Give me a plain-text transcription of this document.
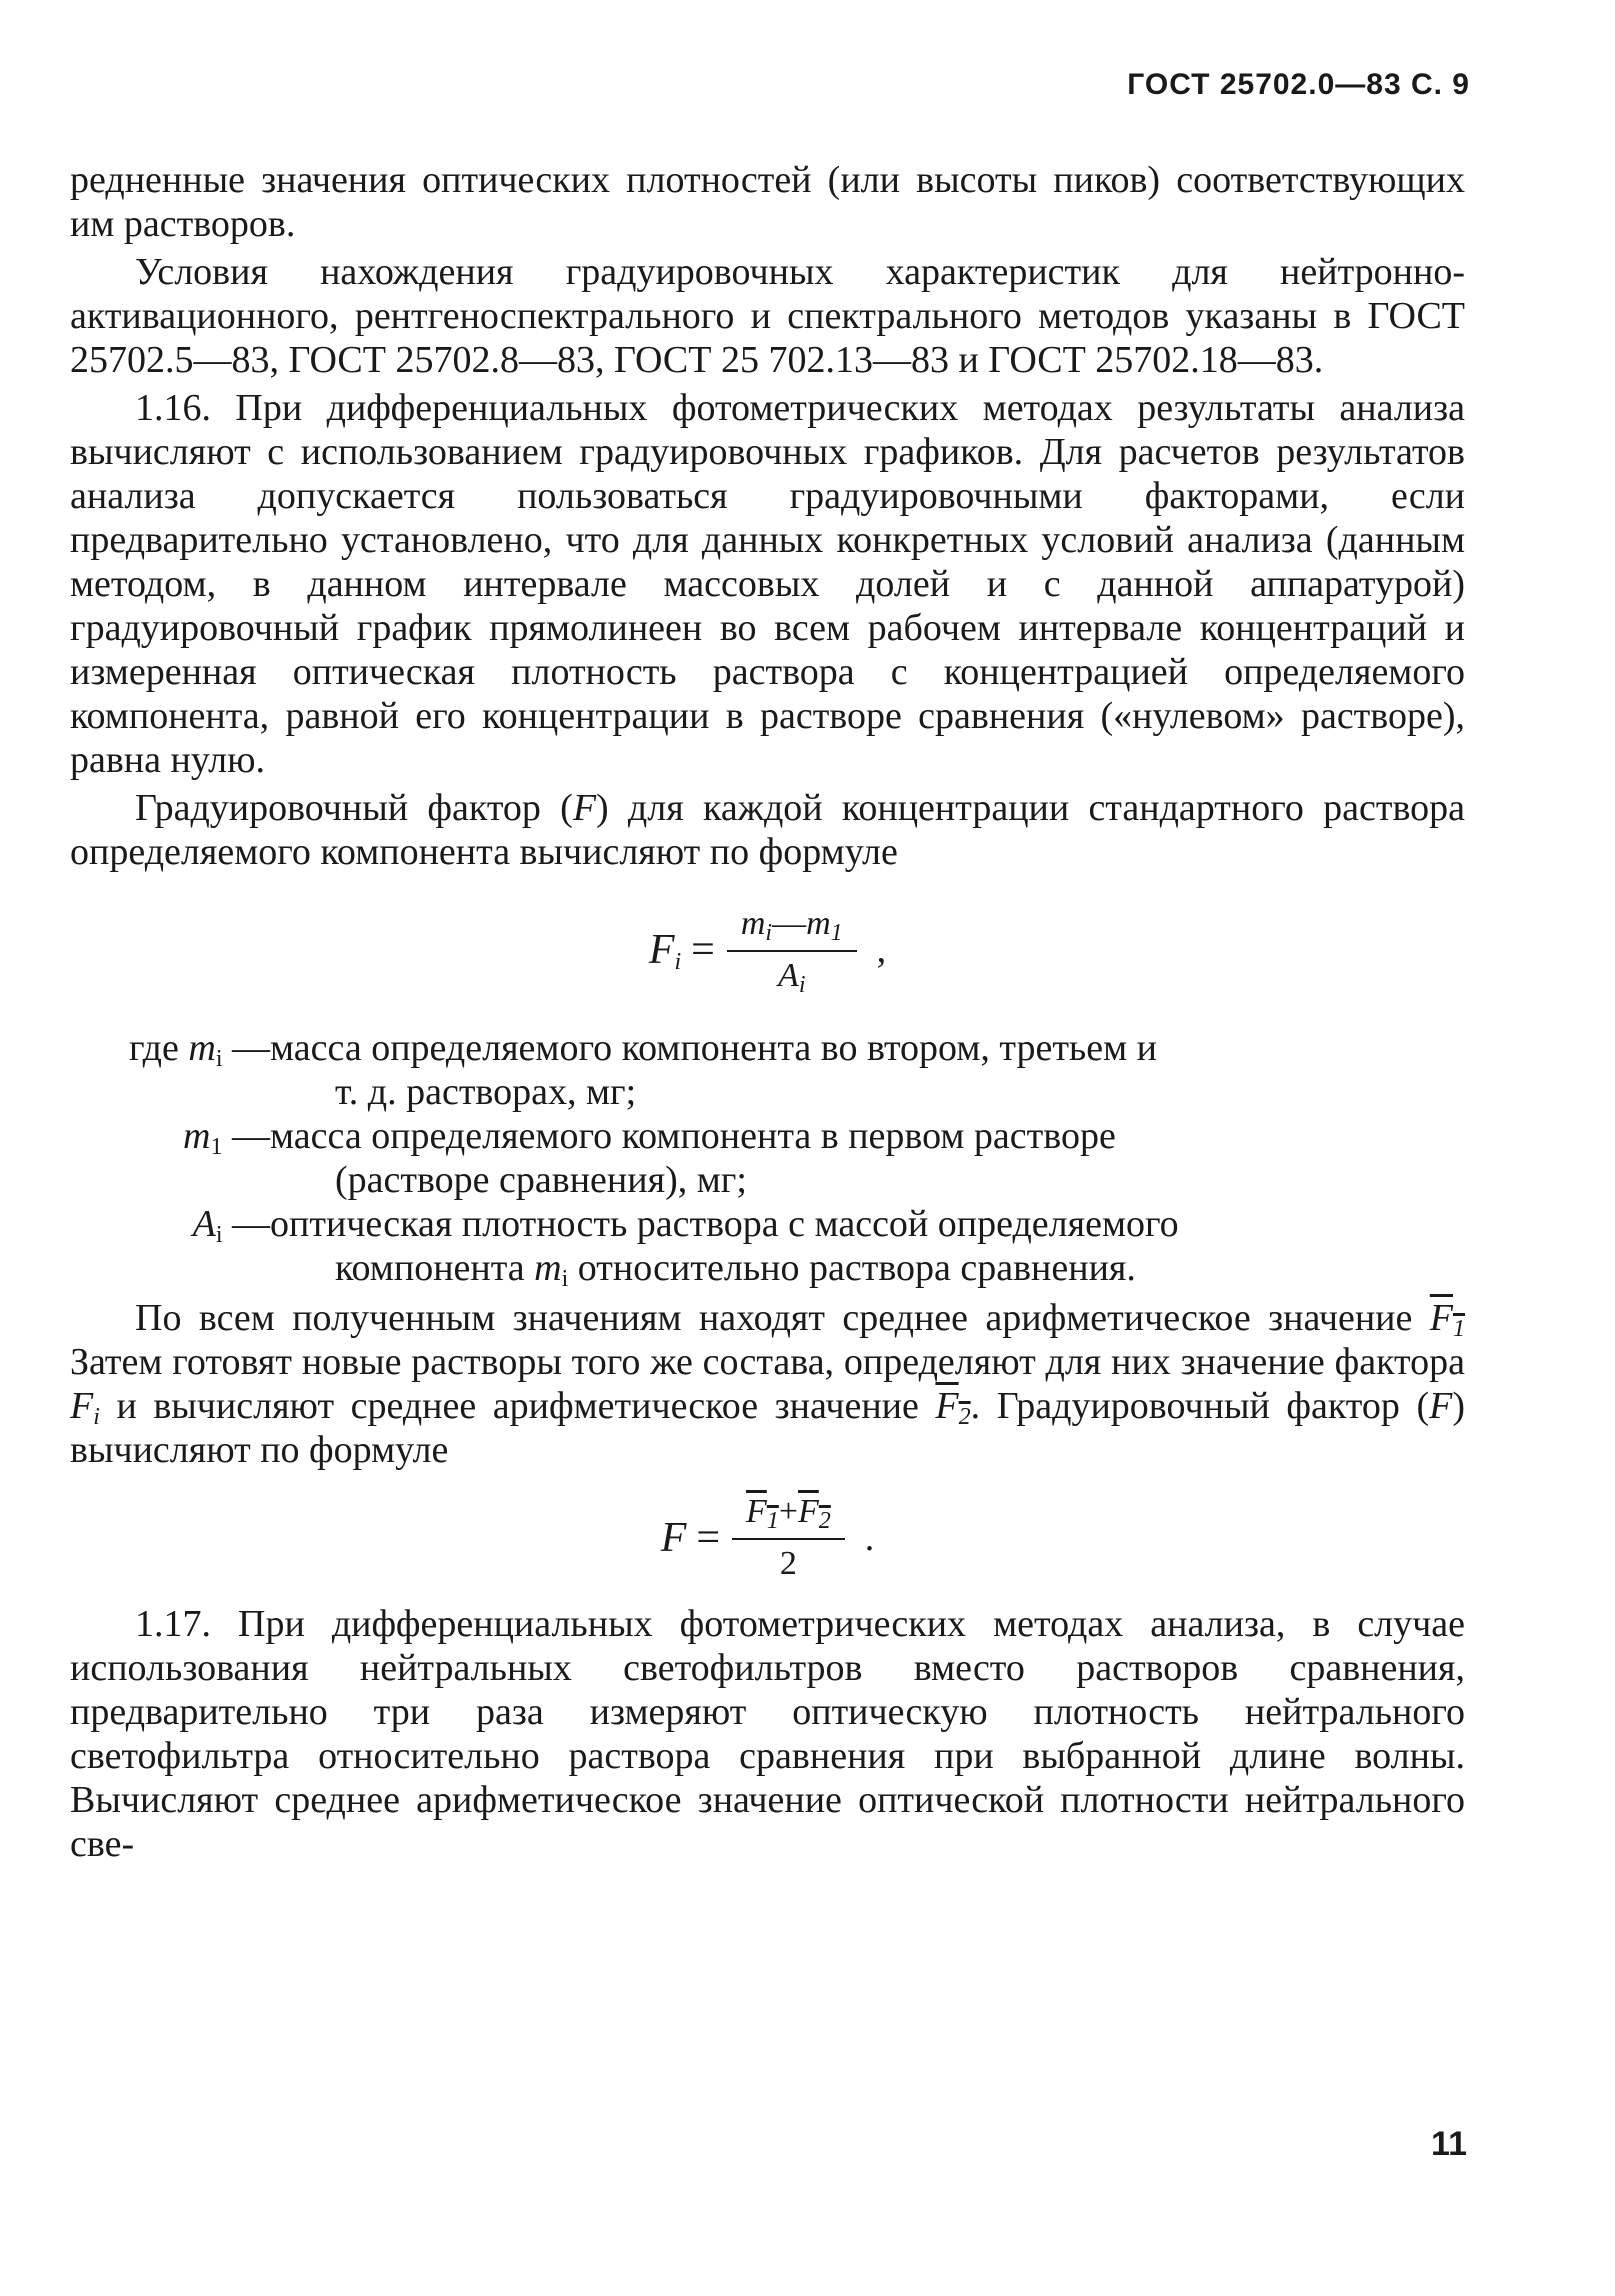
ГОСТ 25702.0—83 С. 9

редненные значения оптических плотностей (или высоты пиков) соответствующих им растворов.

Условия нахождения градуировочных характеристик для нейтронно-активационного, рентгеноспектрального и спектрального методов указаны в ГОСТ 25702.5—83, ГОСТ 25702.8—83, ГОСТ 25 702.13—83 и ГОСТ 25702.18—83.

1.16. При дифференциальных фотометрических методах результаты анализа вычисляют с использованием градуировочных графиков. Для расчетов результатов анализа допускается пользоваться градуировочными факторами, если предварительно установлено, что для данных конкретных условий анализа (данным методом, в данном интервале массовых долей и с данной аппаратурой) градуировочный график прямолинеен во всем рабочем интервале концентраций и измеренная оптическая плотность раствора с концентрацией определяемого компонента, равной его концентрации в растворе сравнения («нулевом» растворе), равна нулю.

Градуировочный фактор (F) для каждой концентрации стандартного раствора определяемого компонента вычисляют по формуле

$F_i = \frac{m_i—m_1}{A_i}$ ,
где $m_i$ — масса определяемого компонента во втором, третьем и
т. д. растворах, мг;
$m_1$ — масса определяемого компонента в первом растворе
(растворе сравнения), мг;
$A_i$ — оптическая плотность раствора с массой определяемого
компонента $m_i$ относительно раствора сравнения.

По всем полученным значениям находят среднее арифметическое значение $F_1$ Затем готовят новые растворы того же состава, определяют для них значение фактора $F_i$ и вычисляют среднее арифметическое значение $F_2$. Градуировочный фактор (F) вычисляют по формуле

$F = \frac{F_1+F_2}{2}$ .

1.17. При дифференциальных фотометрических методах анализа, в случае использования нейтральных светофильтров вместо растворов сравнения, предварительно три раза измеряют оптическую плотность нейтрального светофильтра относительно раствора сравнения при выбранной длине волны. Вычисляют среднее арифметическое значение оптической плотности нейтрального све-

11
